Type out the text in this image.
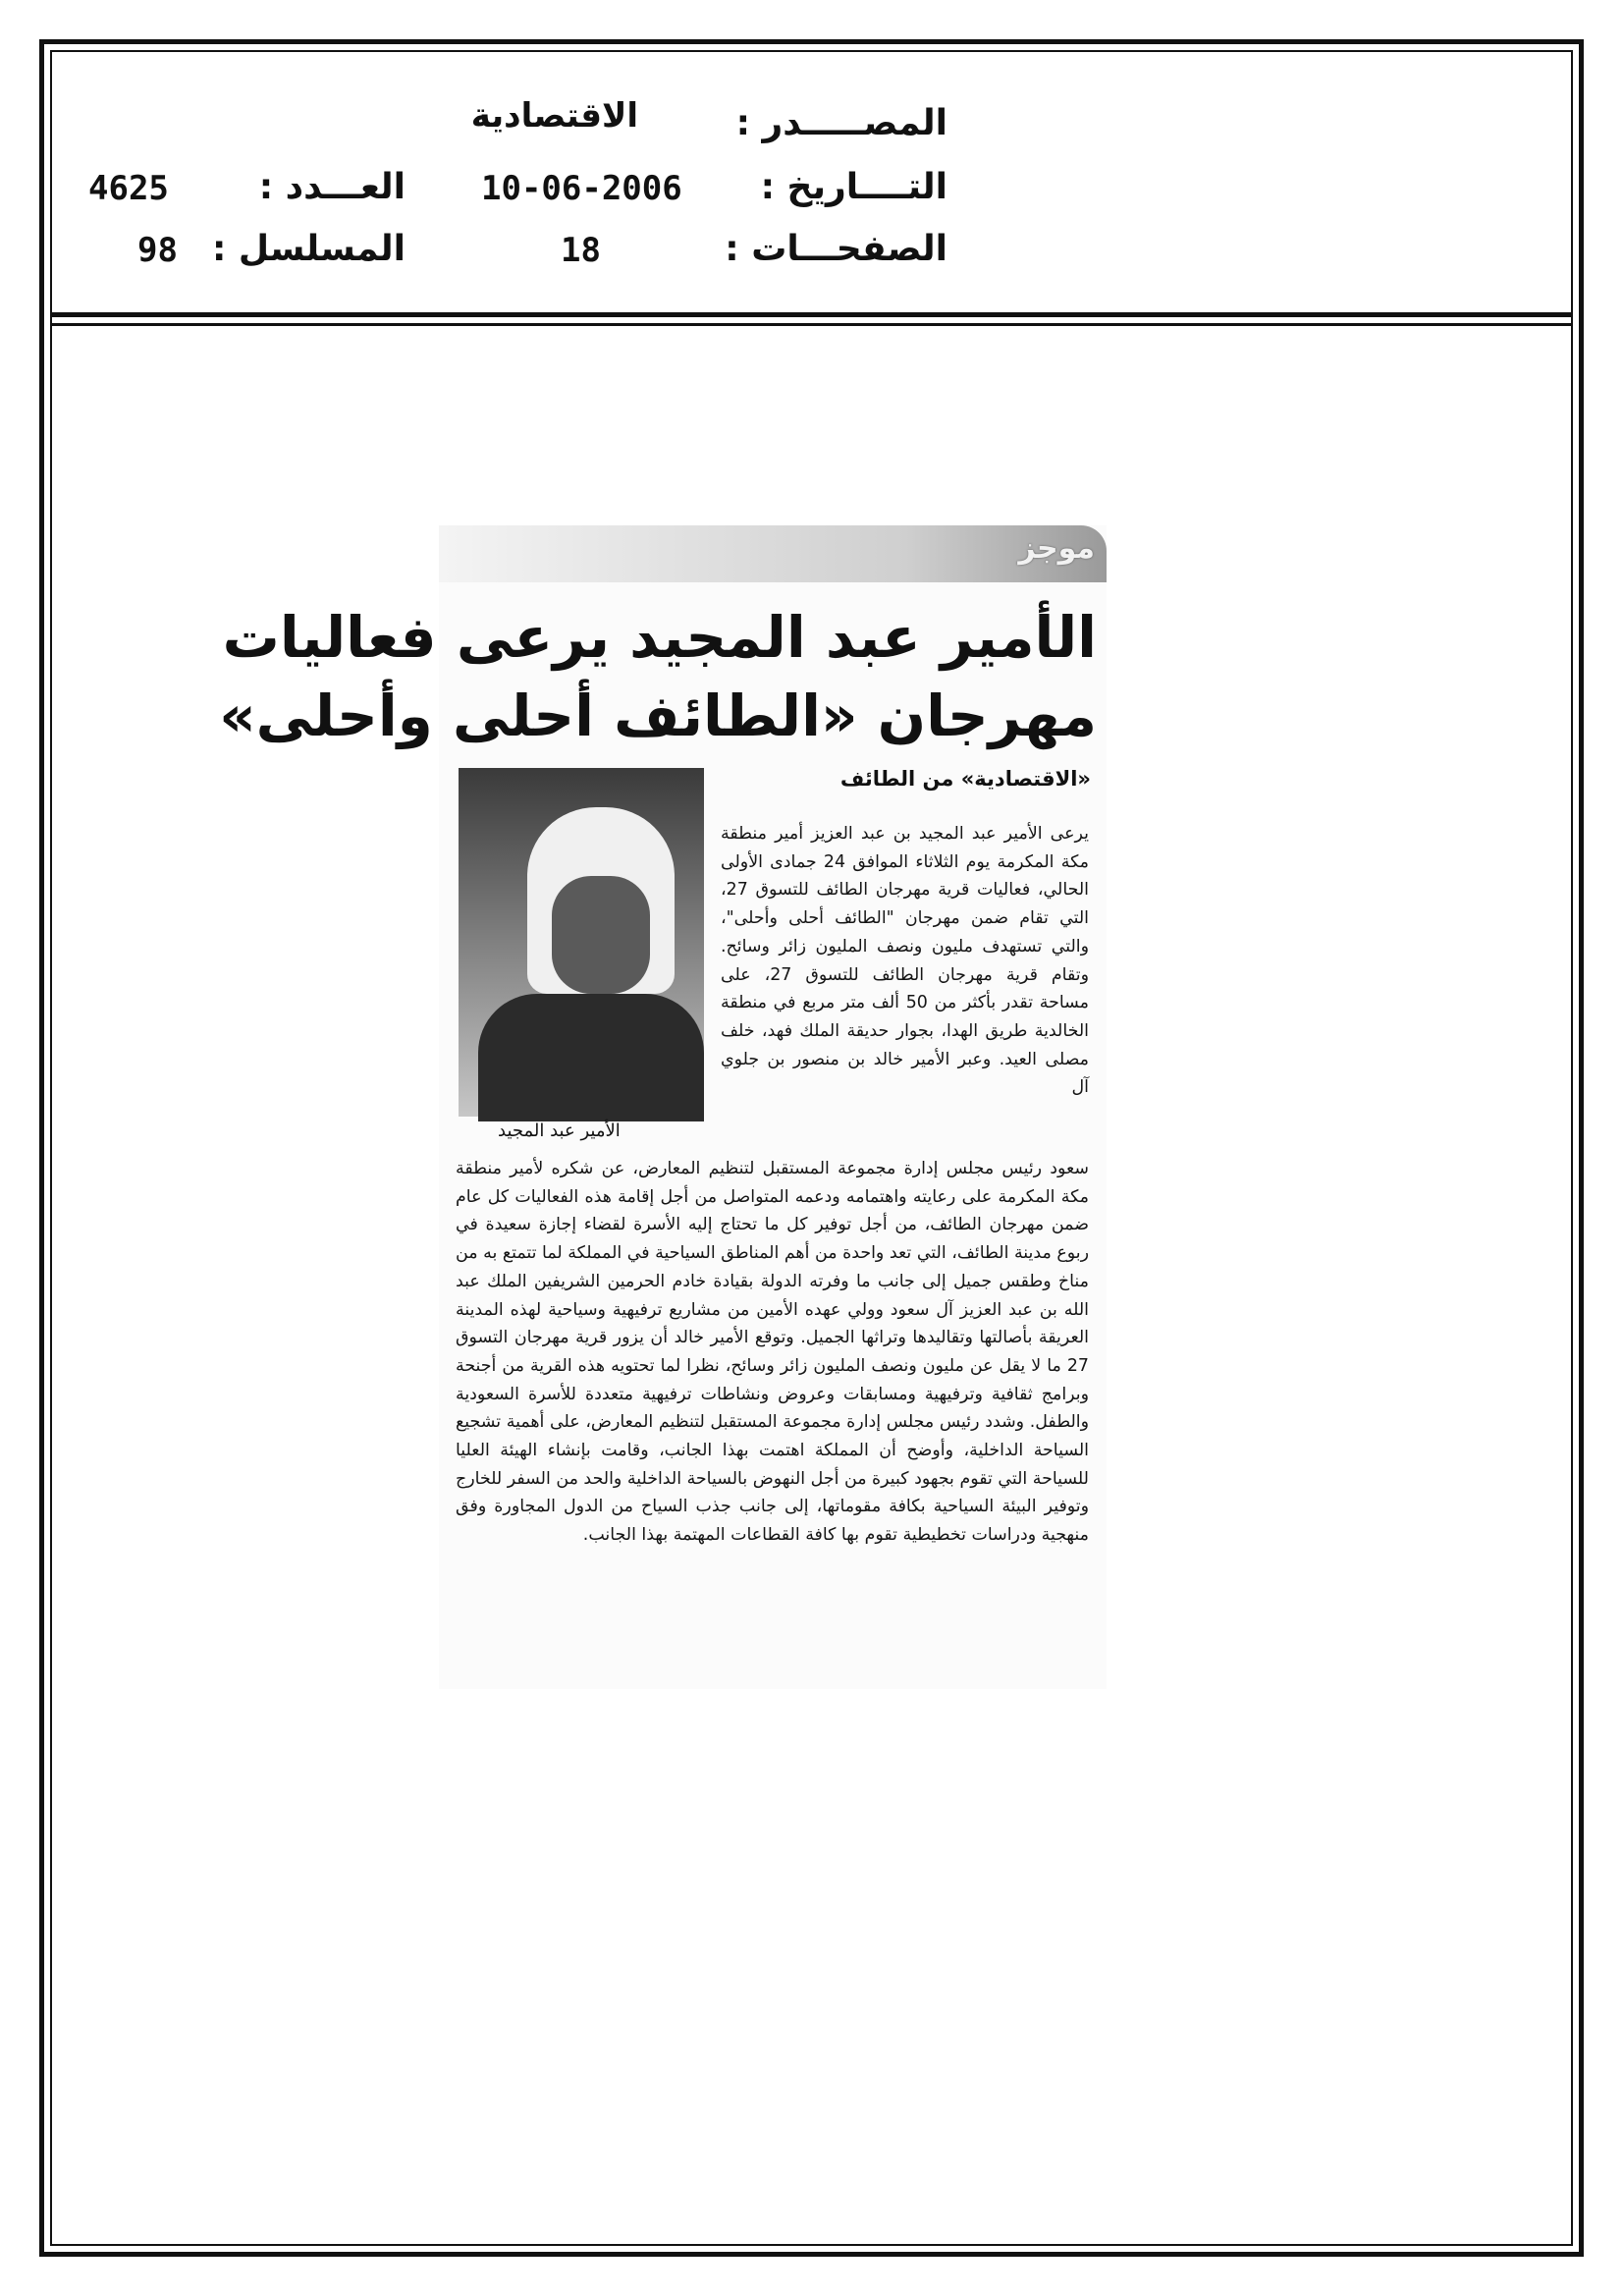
المصـــــدر :
الاقتصادية
التــــاريخ :
10-06-2006
العـــدد :
4625
الصفحـــات :
18
المسلسل :
98
موجز
الأمير عبد المجيد يرعى فعاليات
مهرجان «الطائف أحلى وأحلى»
«الاقتصادية» من الطائف
الأمير عبد المجيد
يرعى الأمير عبد المجيد بن عبد العزيز أمير منطقة مكة المكرمة يوم الثلاثاء الموافق 24 جمادى الأولى الحالي، فعاليات قرية مهرجان الطائف للتسوق 27، التي تقام ضمن مهرجان "الطائف أحلى وأحلى"، والتي تستهدف مليون ونصف المليون زائر وسائح. وتقام قرية مهرجان الطائف للتسوق 27، على مساحة تقدر بأكثر من 50 ألف متر مربع في منطقة الخالدية طريق الهدا، بجوار حديقة الملك فهد، خلف مصلى العيد. وعبر الأمير خالد بن منصور بن جلوي آل
سعود رئيس مجلس إدارة مجموعة المستقبل لتنظيم المعارض، عن شكره لأمير منطقة مكة المكرمة على رعايته واهتمامه ودعمه المتواصل من أجل إقامة هذه الفعاليات كل عام ضمن مهرجان الطائف، من أجل توفير كل ما تحتاج إليه الأسرة لقضاء إجازة سعيدة في ربوع مدينة الطائف، التي تعد واحدة من أهم المناطق السياحية في المملكة لما تتمتع به من مناخ وطقس جميل إلى جانب ما وفرته الدولة بقيادة خادم الحرمين الشريفين الملك عبد الله بن عبد العزيز آل سعود وولي عهده الأمين من مشاريع ترفيهية وسياحية لهذه المدينة العريقة بأصالتها وتقاليدها وتراثها الجميل. وتوقع الأمير خالد أن يزور قرية مهرجان التسوق 27 ما لا يقل عن مليون ونصف المليون زائر وسائح، نظرا لما تحتويه هذه القرية من أجنحة وبرامج ثقافية وترفيهية ومسابقات وعروض ونشاطات ترفيهية متعددة للأسرة السعودية والطفل. وشدد رئيس مجلس إدارة مجموعة المستقبل لتنظيم المعارض، على أهمية تشجيع السياحة الداخلية، وأوضح أن المملكة اهتمت بهذا الجانب، وقامت بإنشاء الهيئة العليا للسياحة التي تقوم بجهود كبيرة من أجل النهوض بالسياحة الداخلية والحد من السفر للخارج وتوفير البيئة السياحية بكافة مقوماتها، إلى جانب جذب السياح من الدول المجاورة وفق منهجية ودراسات تخطيطية تقوم بها كافة القطاعات المهتمة بهذا الجانب.
